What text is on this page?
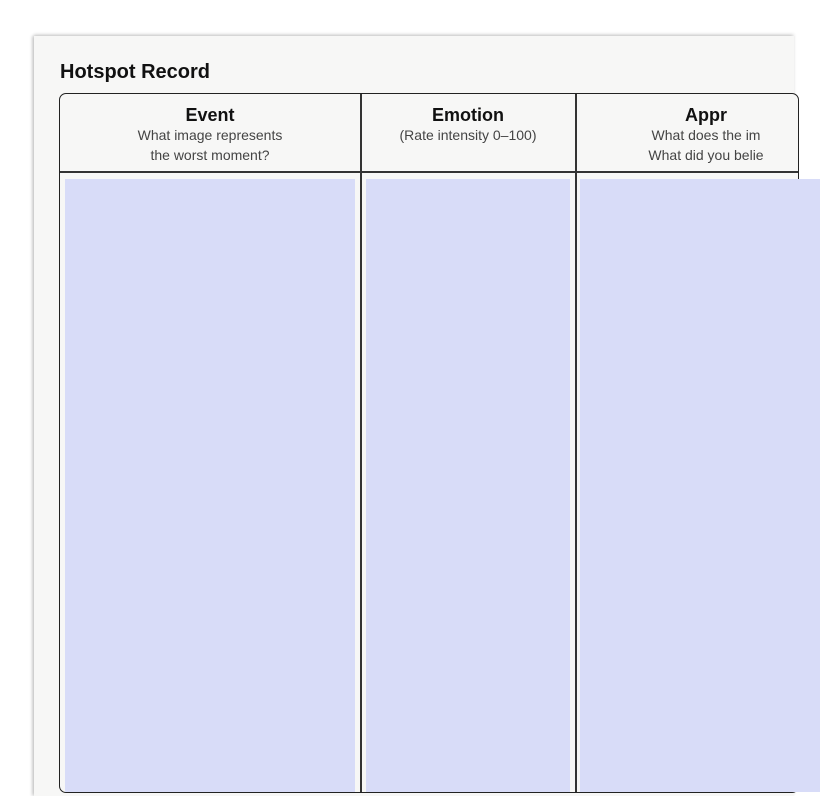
Hotspot Record
Event
What image represents
the worst moment?
Emotion
(Rate intensity 0–100)
Appr
What does the im
What did you belie
